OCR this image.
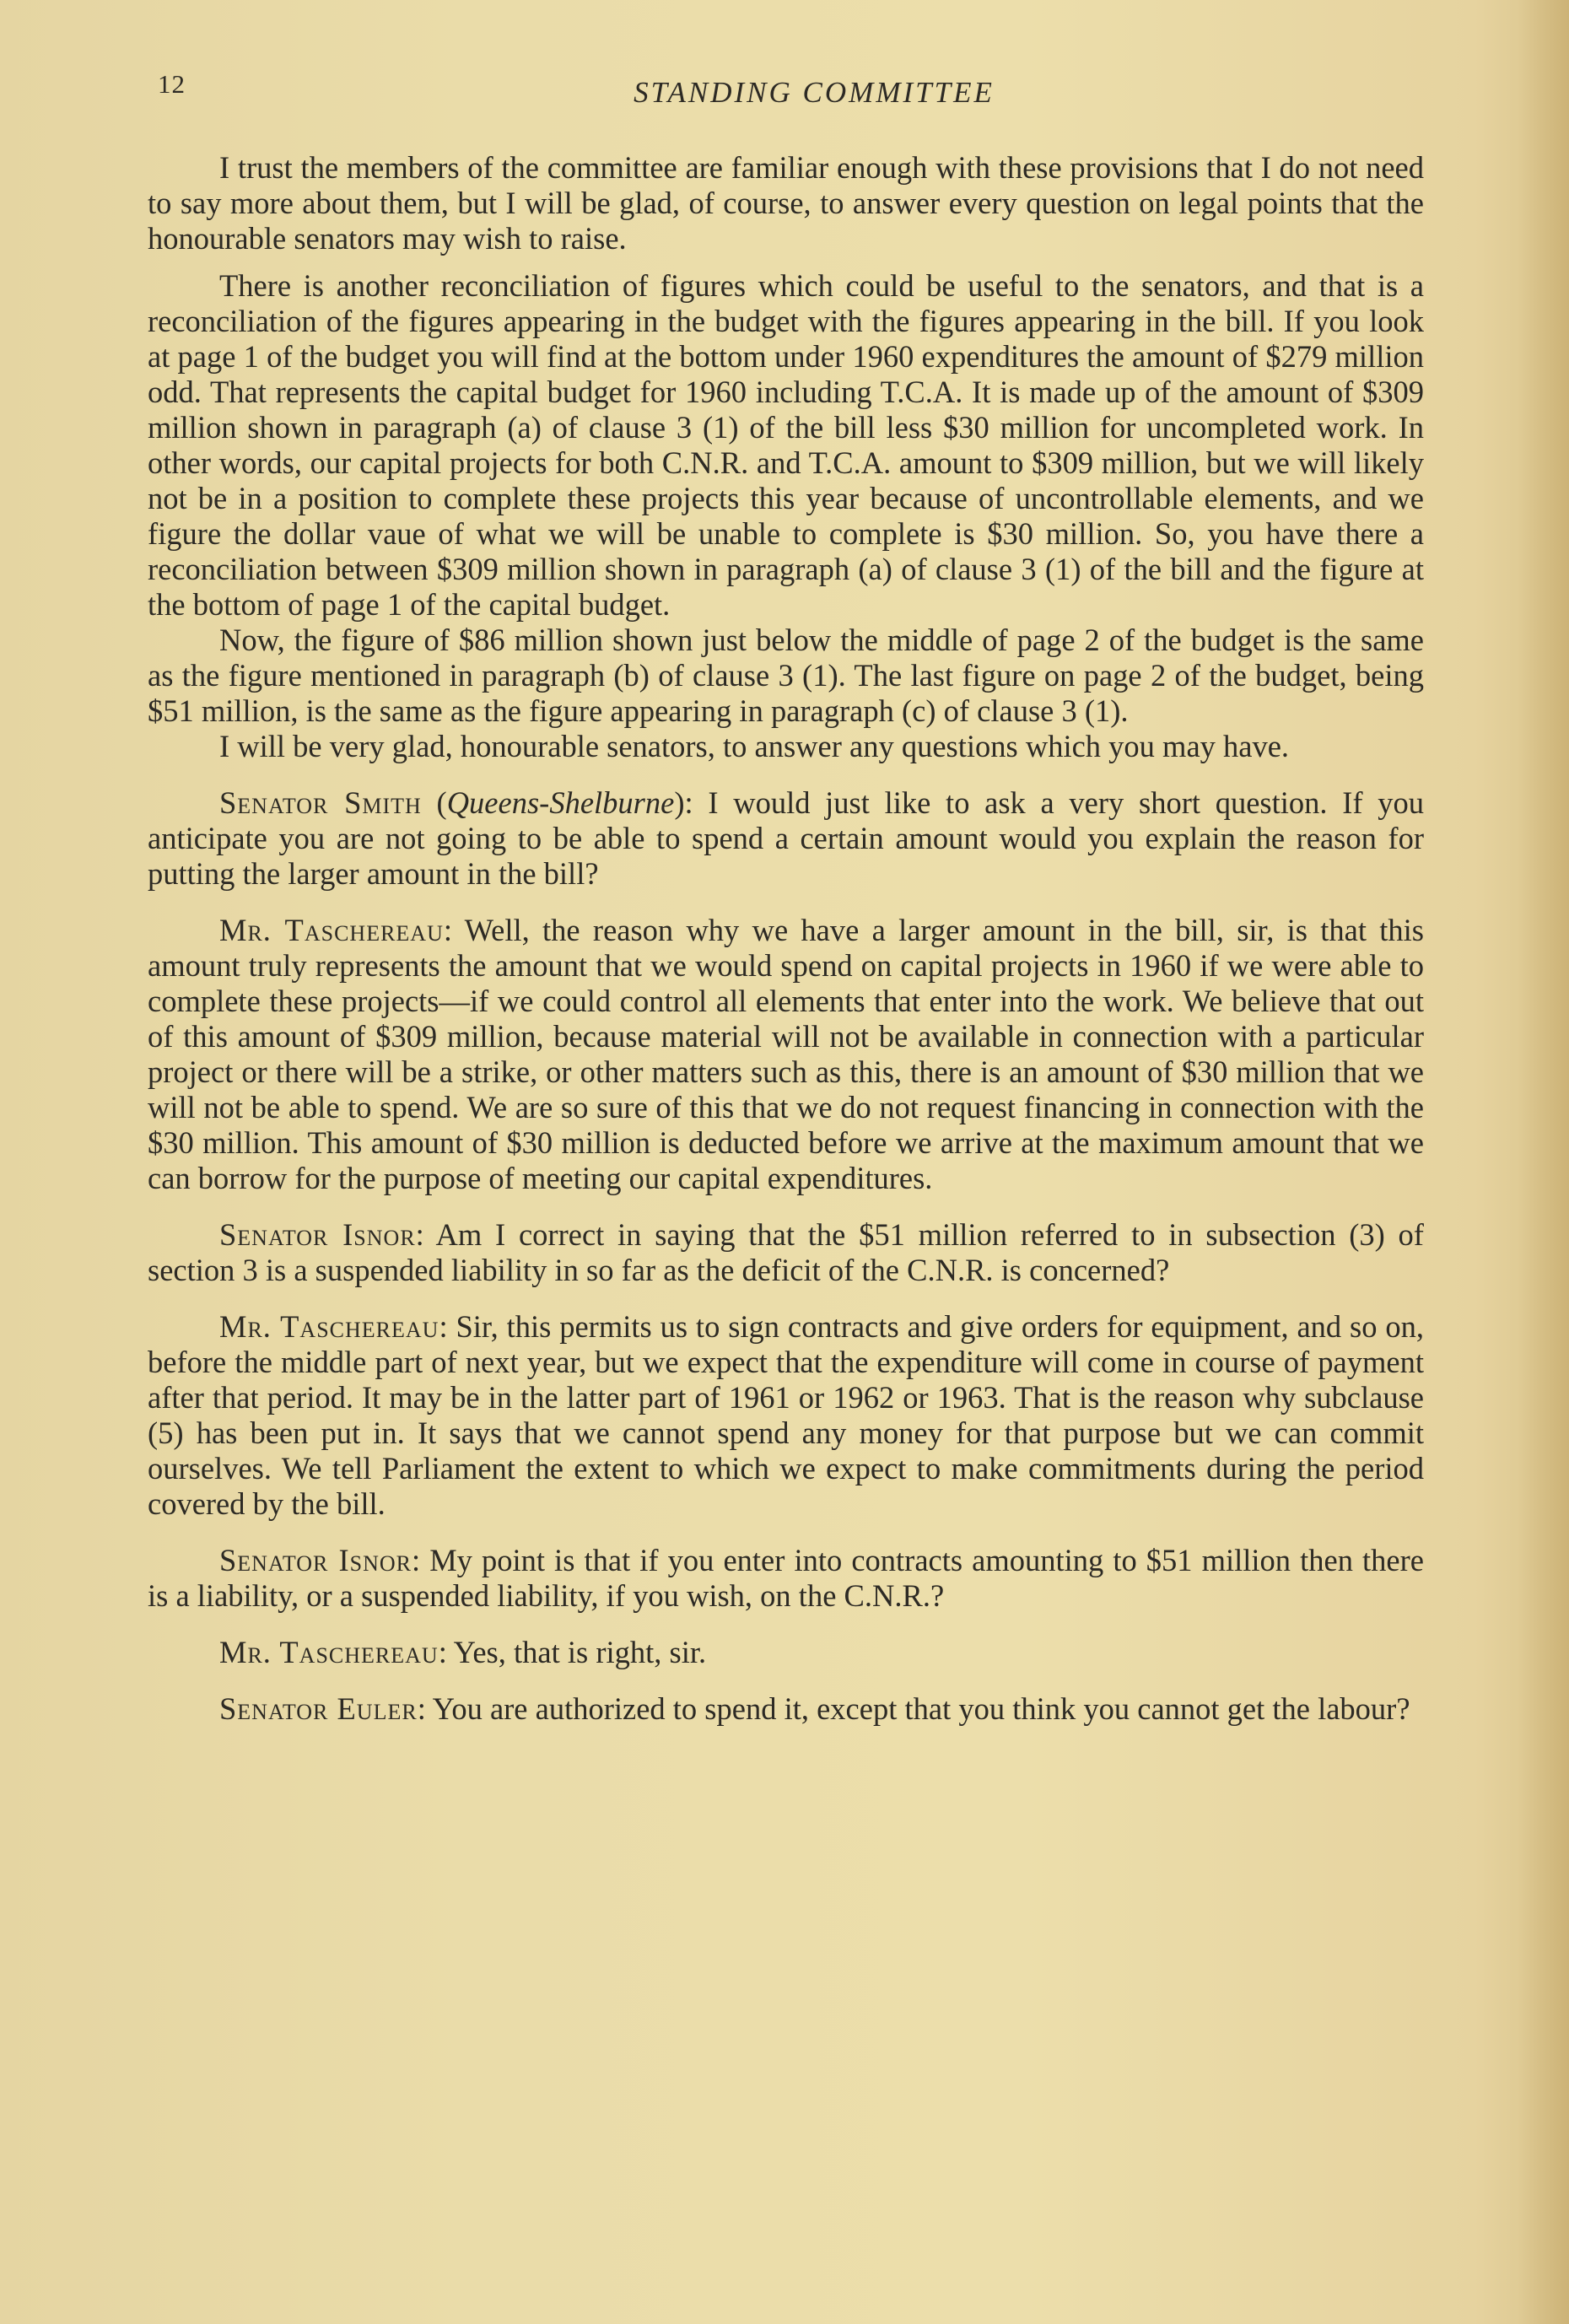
12	STANDING COMMITTEE

I trust the members of the committee are familiar enough with these provisions that I do not need to say more about them, but I will be glad, of course, to answer every question on legal points that the honourable senators may wish to raise.

There is another reconciliation of figures which could be useful to the senators, and that is a reconciliation of the figures appearing in the budget with the figures appearing in the bill. If you look at page 1 of the budget you will find at the bottom under 1960 expenditures the amount of $279 million odd. That represents the capital budget for 1960 including T.C.A. It is made up of the amount of $309 million shown in paragraph (a) of clause 3 (1) of the bill less $30 million for uncompleted work. In other words, our capital projects for both C.N.R. and T.C.A. amount to $309 million, but we will likely not be in a position to complete these projects this year because of uncontrollable elements, and we figure the dollar vaue of what we will be unable to complete is $30 million. So, you have there a reconciliation between $309 million shown in paragraph (a) of clause 3 (1) of the bill and the figure at the bottom of page 1 of the capital budget.

Now, the figure of $86 million shown just below the middle of page 2 of the budget is the same as the figure mentioned in paragraph (b) of clause 3 (1). The last figure on page 2 of the budget, being $51 million, is the same as the figure appearing in paragraph (c) of clause 3 (1).

I will be very glad, honourable senators, to answer any questions which you may have.

Senator Smith (Queens-Shelburne): I would just like to ask a very short question. If you anticipate you are not going to be able to spend a certain amount would you explain the reason for putting the larger amount in the bill?

Mr. Taschereau: Well, the reason why we have a larger amount in the bill, sir, is that this amount truly represents the amount that we would spend on capital projects in 1960 if we were able to complete these projects—if we could control all elements that enter into the work. We believe that out of this amount of $309 million, because material will not be available in connection with a particular project or there will be a strike, or other matters such as this, there is an amount of $30 million that we will not be able to spend. We are so sure of this that we do not request financing in connection with the $30 million. This amount of $30 million is deducted before we arrive at the maximum amount that we can borrow for the purpose of meeting our capital expenditures.

Senator Isnor: Am I correct in saying that the $51 million referred to in subsection (3) of section 3 is a suspended liability in so far as the deficit of the C.N.R. is concerned?

Mr. Taschereau: Sir, this permits us to sign contracts and give orders for equipment, and so on, before the middle part of next year, but we expect that the expenditure will come in course of payment after that period. It may be in the latter part of 1961 or 1962 or 1963. That is the reason why subclause (5) has been put in. It says that we cannot spend any money for that purpose but we can commit ourselves. We tell Parliament the extent to which we expect to make commitments during the period covered by the bill.

Senator Isnor: My point is that if you enter into contracts amounting to $51 million then there is a liability, or a suspended liability, if you wish, on the C.N.R.?

Mr. Taschereau: Yes, that is right, sir.

Senator Euler: You are authorized to spend it, except that you think you cannot get the labour?
